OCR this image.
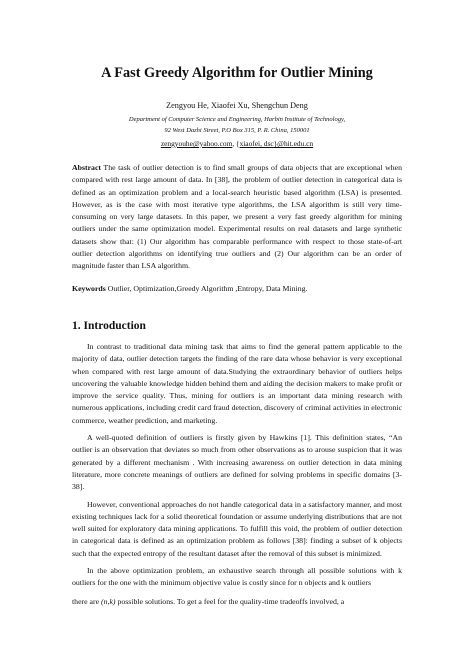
A Fast Greedy Algorithm for Outlier Mining
Zengyou He, Xiaofei Xu, Shengchun Deng
Department of Computer Science and Engineering, Harbin Institute of Technology,
92 West Dazhi Street, P.O Box 315, P. R. China, 150001
zengyouhe@yahoo.com, {xiaofei, dsc}@hit.edu.cn
Abstract The task of outlier detection is to find small groups of data objects that are exceptional when compared with rest large amount of data. In [38], the problem of outlier detection in categorical data is defined as an optimization problem and a local-search heuristic based algorithm (LSA) is presented. However, as is the case with most iterative type algorithms, the LSA algorithm is still very time-consuming on very large datasets. In this paper, we present a very fast greedy algorithm for mining outliers under the same optimization model. Experimental results on real datasets and large synthetic datasets show that: (1) Our algorithm has comparable performance with respect to those state-of-art outlier detection algorithms on identifying true outliers and (2) Our algorithm can be an order of magnitude faster than LSA algorithm.
Keywords Outlier, Optimization,Greedy Algorithm ,Entropy, Data Mining.
1. Introduction

In contrast to traditional data mining task that aims to find the general pattern applicable to the majority of data, outlier detection targets the finding of the rare data whose behavior is very exceptional when compared with rest large amount of data.Studying the extraordinary behavior of outliers helps uncovering the valuable knowledge hidden behind them and aiding the decision makers to make profit or improve the service quality. Thus, mining for outliers is an important data mining research with numerous applications, including credit card fraud detection, discovery of criminal activities in electronic commerce, weather prediction, and marketing.

A well-quoted definition of outliers is firstly given by Hawkins [1]. This definition states, “An outlier is an observation that deviates so much from other observations as to arouse suspicion that it was generated by a different mechanism . With increasing awareness on outlier detection in data mining literature, more concrete meanings of outliers are defined for solving problems in specific domains [3-38].

However, conventional approaches do not handle categorical data in a satisfactory manner, and most existing techniques lack for a solid theoretical foundation or assume underlying distributions that are not well suited for exploratory data mining applications. To fulfill this void, the problem of outlier detection in categorical data is defined as an optimization problem as follows [38]: finding a subset of k objects such that the expected entropy of the resultant dataset after the removal of this subset is minimized.

In the above optimization problem, an exhaustive search through all possible solutions with k outliers for the one with the minimum objective value is costly since for n objects and k outliers

there are (n,k) possible solutions. To get a feel for the quality-time tradeoffs involved, a
